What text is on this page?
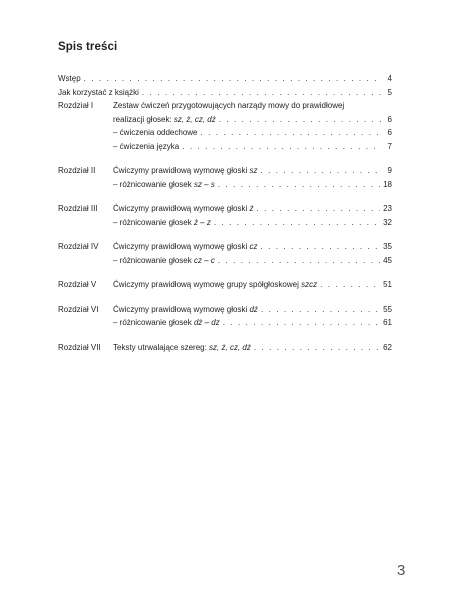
Spis treści
Wstęp . . .	4
Jak korzystać z książki . . .	5
Rozdział I	Zestaw ćwiczeń przygotowujących narządy mowy do prawidłowej
realizacji głosek: sz, ż, cz, dż . . .	6
– ćwiczenia oddechowe . . .	6
– ćwiczenia języka . . .	7
Rozdział II	Ćwiczymy prawidłową wymowę głoski sz . . .	9
– różnicowanie głosek sz – s . . .	18
Rozdział III	Ćwiczymy prawidłową wymowę głoski ż . . .	23
– różnicowanie głosek ż – z . . .	32
Rozdział IV	Ćwiczymy prawidłową wymowę głoski cz . . .	35
– różnicowanie głosek cz – c . . .	45
Rozdział V	Ćwiczymy prawidłową wymowę grupy spółgłoskowej szcz . . .	51
Rozdział VI	Ćwiczymy prawidłową wymowę głoski dż . . .	55
– różnicowanie głosek dż – dz . . .	61
Rozdział VII	Teksty utrwalające szereg: sz, ż, cz, dż . . .	62
3
